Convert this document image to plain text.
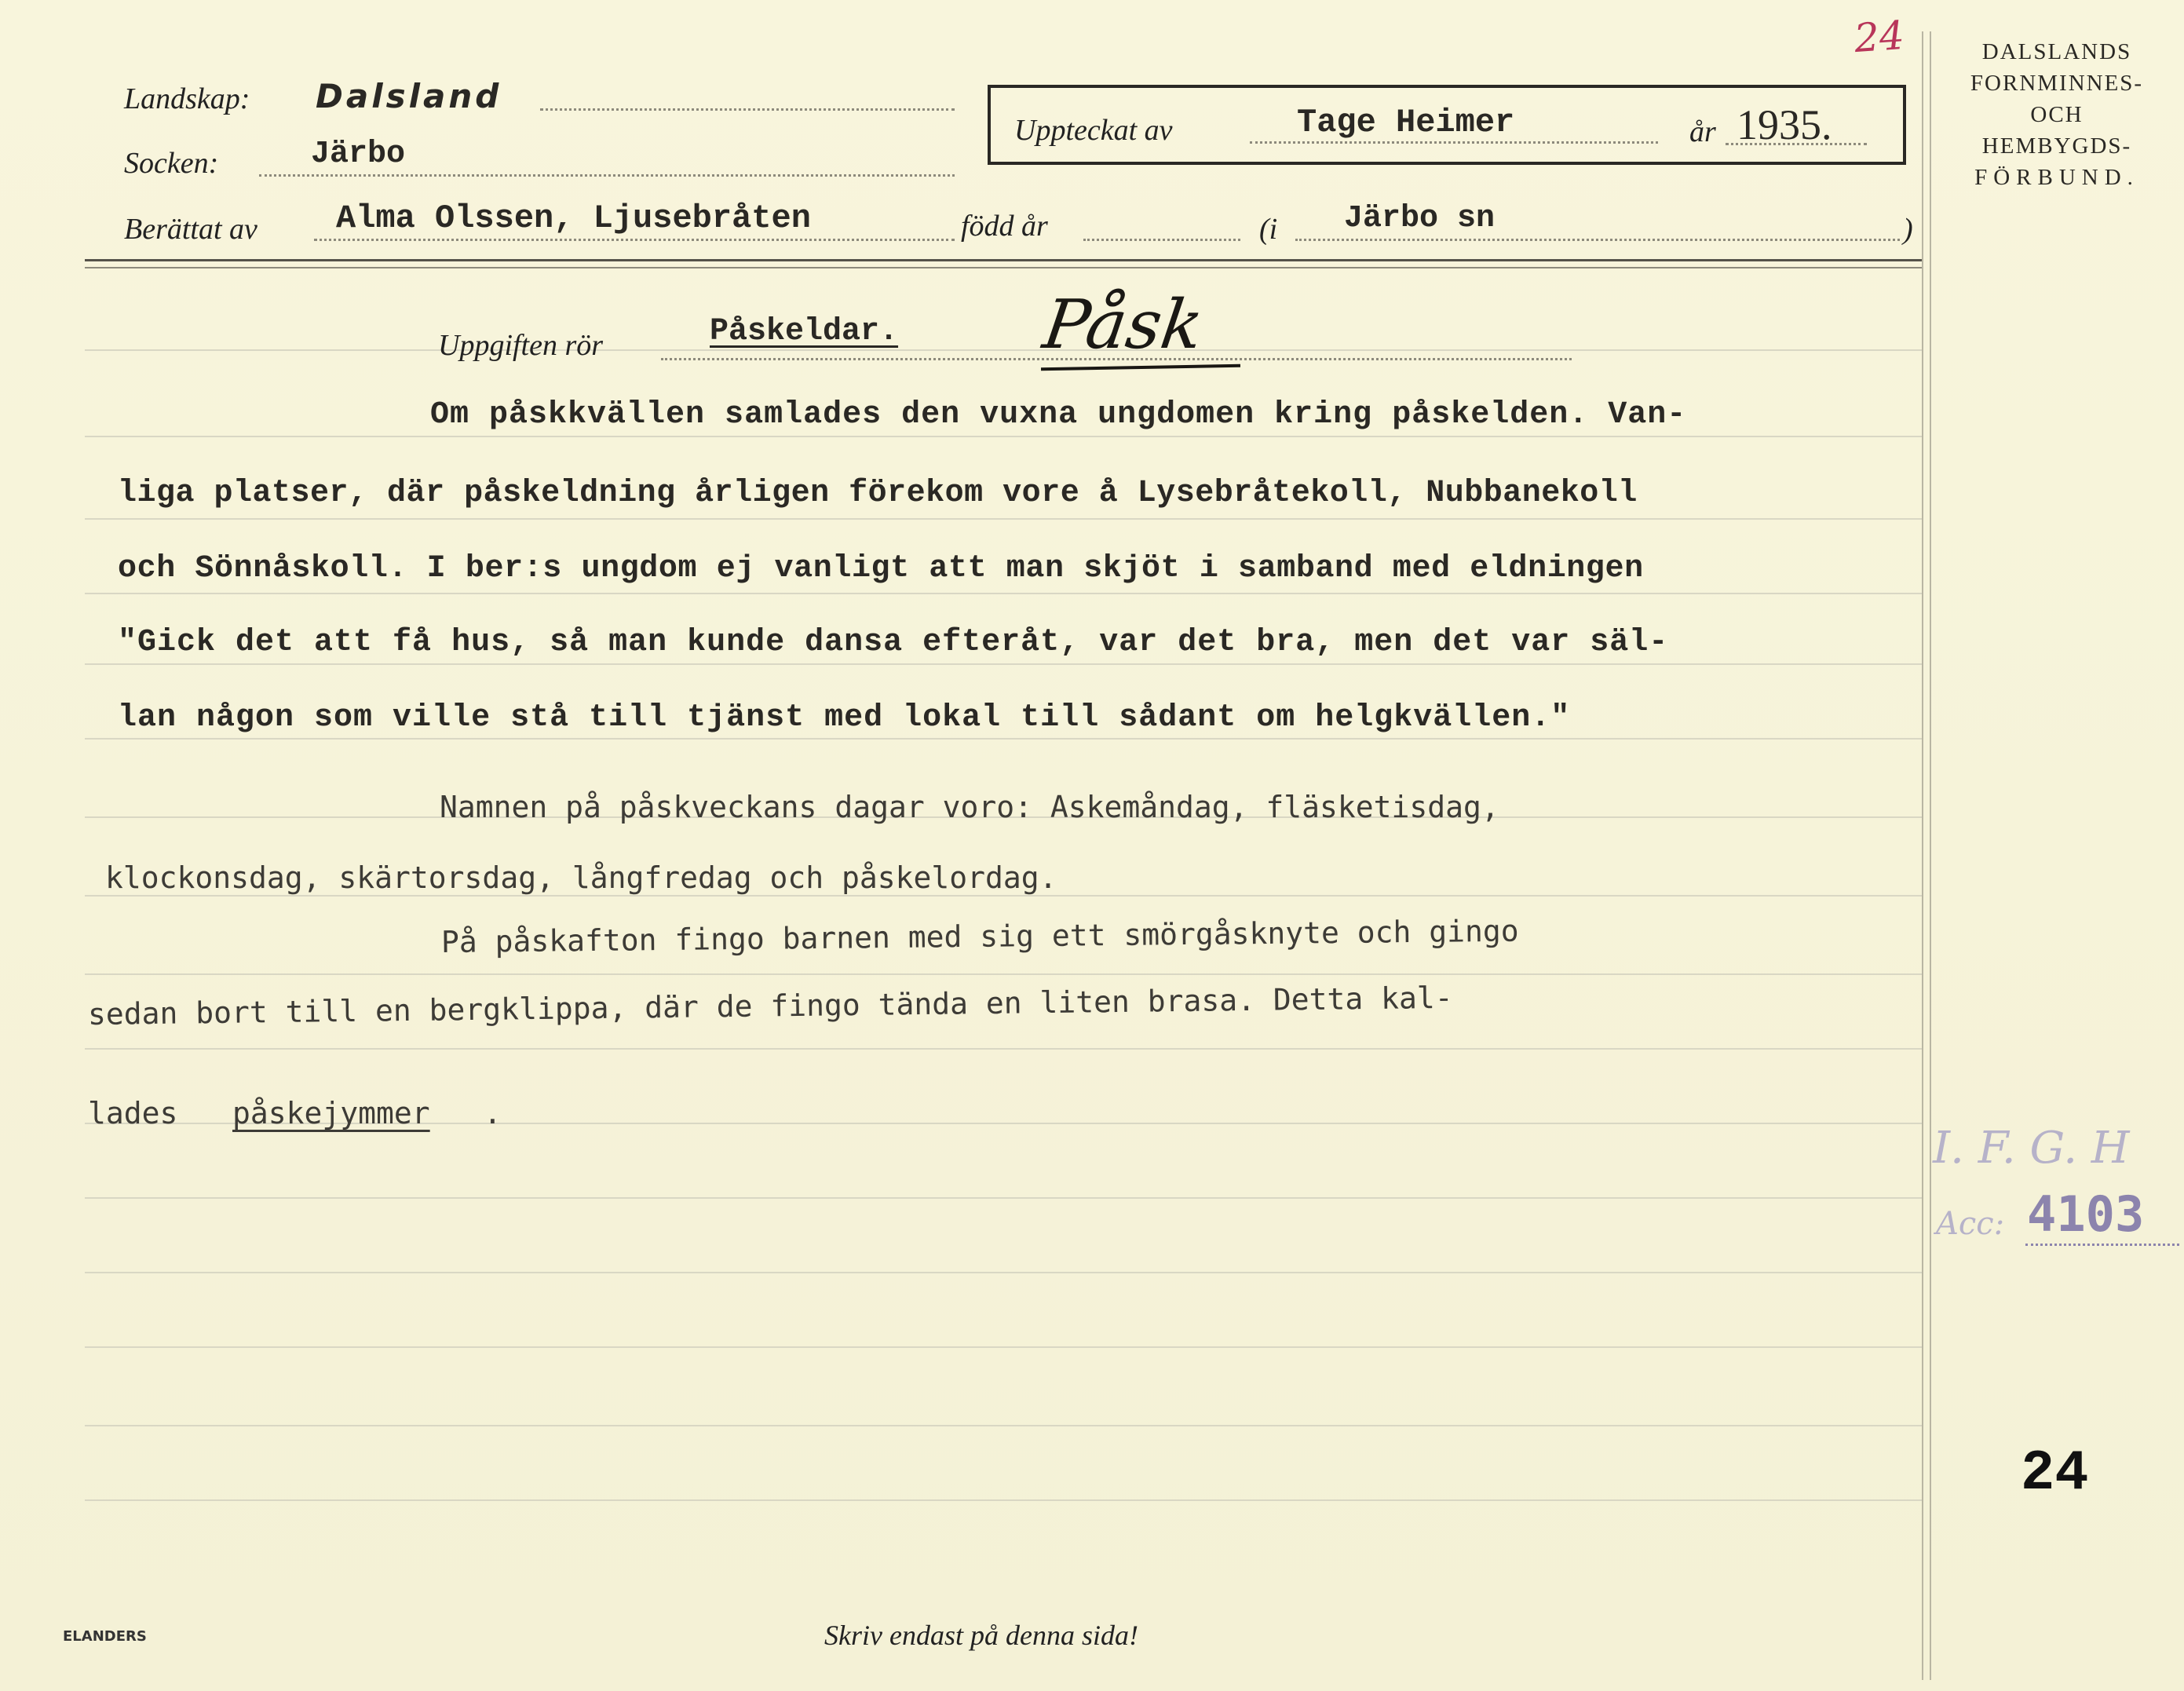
Landskap: Dalsland
Socken:	Järbo
Uppteckat av	Tage Heimer	år 1935.
Berättat av Alma Olssen, Ljusebråten	född år	(i Järbo sn	)
24	DALSLANDS
FORNMINNES-
OCH
HEMBYGDS-
FÖRBUND.
Uppgiften rör	Påskeldar. Påsk
Om påskkvällen samlades den vuxna ungdomen kring påskelden. Van-
liga platser, där påskeldning årligen förekom vore å Lysebråtekoll, Nubbanekoll
och Sönnåskoll. I ber:s ungdom ej vanligt att man skjöt i samband med eldningen
"Gick det att få hus, så man kunde dansa efteråt, var det bra, men det var säl-
lan någon som ville stå till tjänst med lokal till sådant om helgkvällen."
Namnen på påskveckans dagar voro: Askemåndag, fläsketisdag,
klockonsdag, skärtorsdag, långfredag och påskelordag.
På påskafton fingo barnen med sig ett smörgåsknyte och gingo
sedan bort till en bergklippa, där de fingo tända en liten brasa. Detta kal-
lades påskejymmer .
I. F. G. H
Acc: 4103
24
Skriv endast på denna sida!
ELANDERS
